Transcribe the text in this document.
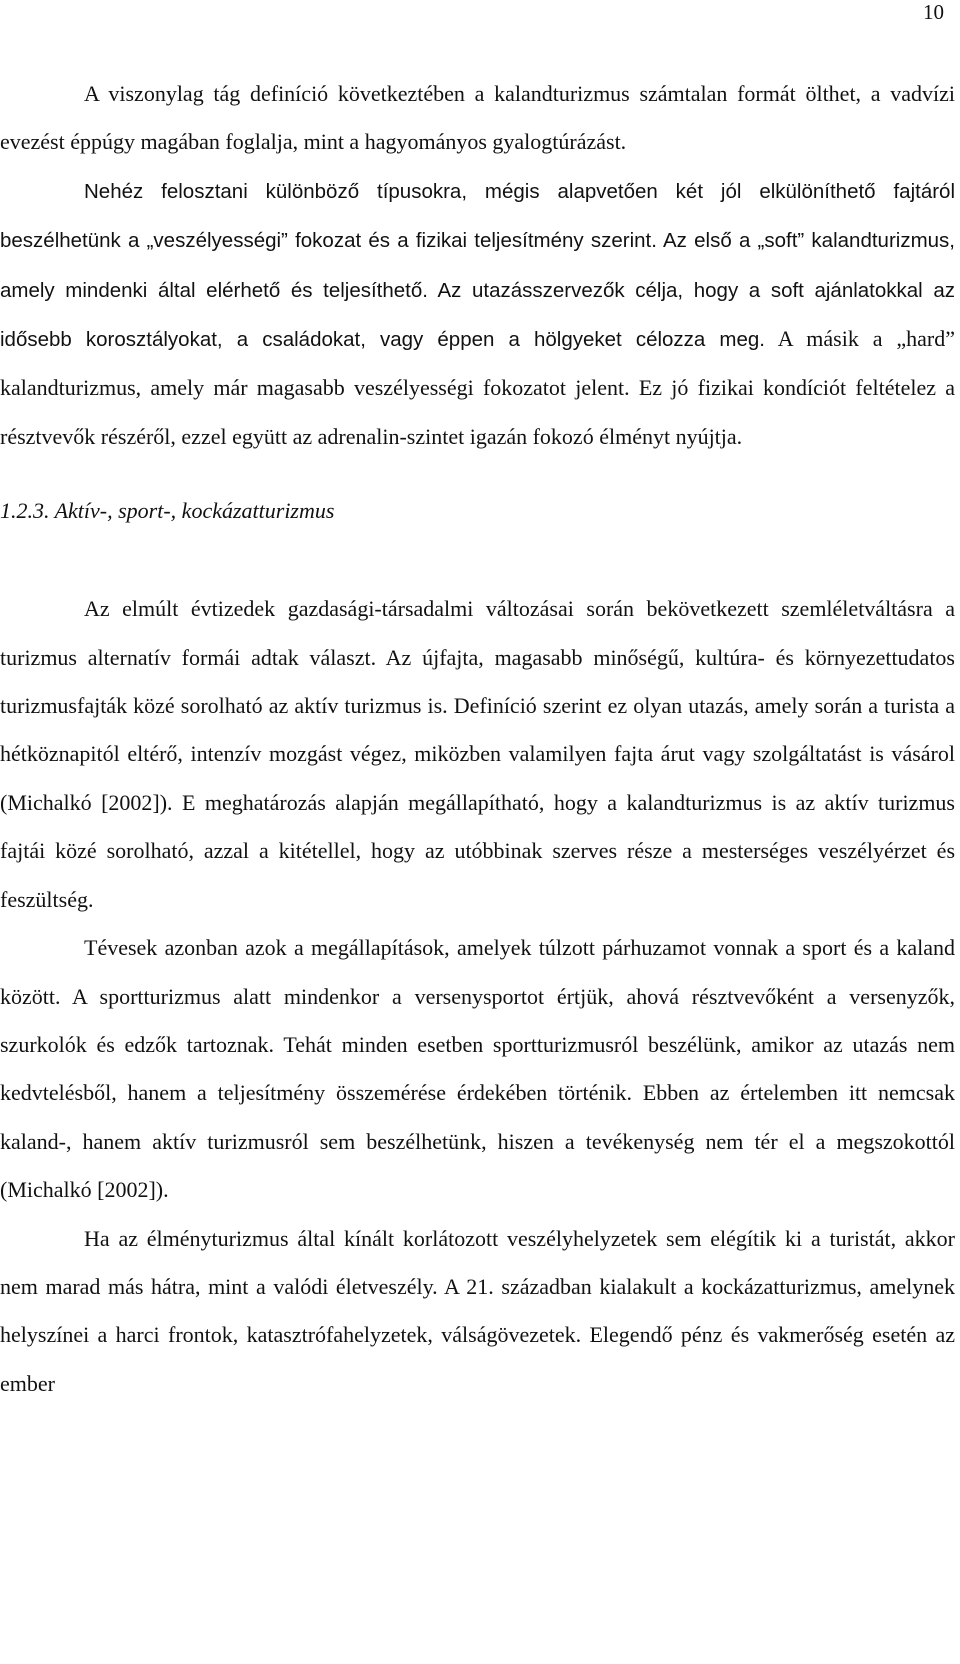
10

A viszonylag tág definíció következtében a kalandturizmus számtalan formát ölthet, a vadvízi evezést éppúgy magában foglalja, mint a hagyományos gyalogtúrázást.

Nehéz felosztani különböző típusokra, mégis alapvetően két jól elkülöníthető fajtáról beszélhetünk a „veszélyességi” fokozat és a fizikai teljesítmény szerint. Az első a „soft” kalandturizmus, amely mindenki által elérhető és teljesíthető. Az utazásszervezők célja, hogy a soft ajánlatokkal az idősebb korosztályokat, a családokat, vagy éppen a hölgyeket célozza meg. A másik a „hard” kalandturizmus, amely már magasabb veszélyességi fokozatot jelent. Ez jó fizikai kondíciót feltételez a résztvevők részéről, ezzel együtt az adrenalin-szintet igazán fokozó élményt nyújtja.

1.2.3. Aktív-, sport-, kockázatturizmus

Az elmúlt évtizedek gazdasági-társadalmi változásai során bekövetkezett szemléletváltásra a turizmus alternatív formái adtak választ. Az újfajta, magasabb minőségű, kultúra- és környezettudatos turizmusfajták közé sorolható az aktív turizmus is. Definíció szerint ez olyan utazás, amely során a turista a hétköznapitól eltérő, intenzív mozgást végez, miközben valamilyen fajta árut vagy szolgáltatást is vásárol (Michalkó [2002]). E meghatározás alapján megállapítható, hogy a kalandturizmus is az aktív turizmus fajtái közé sorolható, azzal a kitétellel, hogy az utóbbinak szerves része a mesterséges veszélyérzet és feszültség.

Tévesek azonban azok a megállapítások, amelyek túlzott párhuzamot vonnak a sport és a kaland között. A sportturizmus alatt mindenkor a versenysportot értjük, ahová résztvevőként a versenyzők, szurkolók és edzők tartoznak. Tehát minden esetben sportturizmusról beszélünk, amikor az utazás nem kedvtelésből, hanem a teljesítmény összemérése érdekében történik. Ebben az értelemben itt nemcsak kaland-, hanem aktív turizmusról sem beszélhetünk, hiszen a tevékenység nem tér el a megszokottól (Michalkó [2002]).

Ha az élményturizmus által kínált korlátozott veszélyhelyzetek sem elégítik ki a turistát, akkor nem marad más hátra, mint a valódi életveszély. A 21. században kialakult a kockázatturizmus, amelynek helyszínei a harci frontok, katasztrófahelyzetek, válságövezetek. Elegendő pénz és vakmerőség esetén az ember
